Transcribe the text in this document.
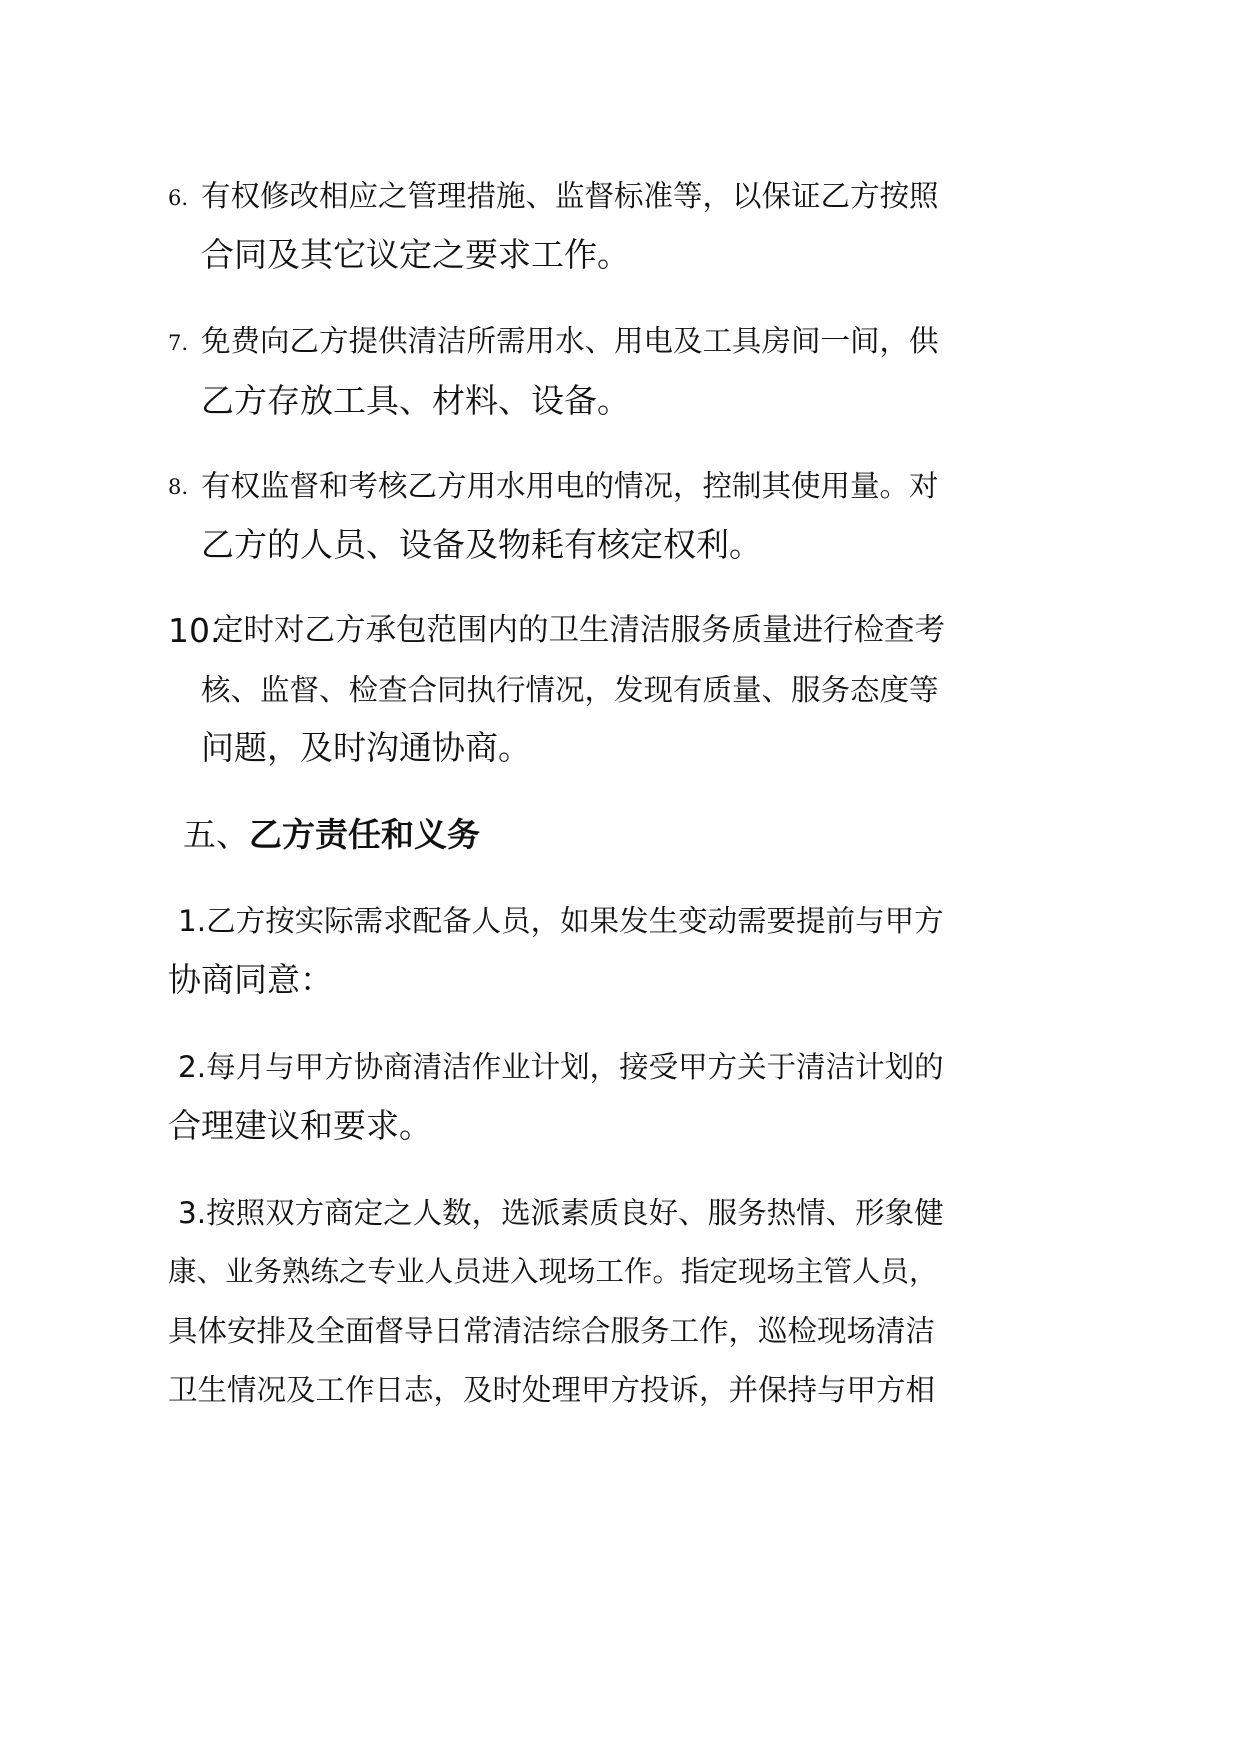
6. 有权修改相应之管理措施、监督标准等，以保证乙方按照
合同及其它议定之要求工作。
7. 免费向乙方提供清洁所需用水、用电及工具房间一间，供
乙方存放工具、材料、设备。
8. 有权监督和考核乙方用水用电的情况，控制其使用量。对
乙方的人员、设备及物耗有核定权利。
10.
定时对乙方承包范围内的卫生清洁服务质量进行检查考
核、监督、检查合同执行情况，发现有质量、服务态度等
问题，及时沟通协商。
五、乙方责任和义务
1.乙方按实际需求配备人员，如果发生变动需要提前与甲方
协商同意：
2.每月与甲方协商清洁作业计划，接受甲方关于清洁计划的
合理建议和要求。
3.按照双方商定之人数，选派素质良好、服务热情、形象健
康、业务熟练之专业人员进入现场工作。指定现场主管人员，
具体安排及全面督导日常清洁综合服务工作，巡检现场清洁
卫生情况及工作日志，及时处理甲方投诉，并保持与甲方相
